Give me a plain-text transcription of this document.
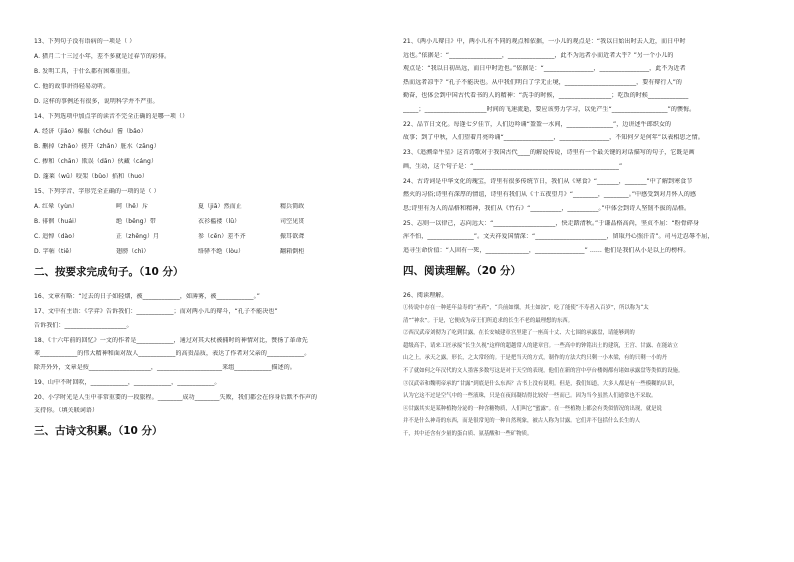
13、下列句子没有语病的一项是（ ）
A. 猎月二十三过小年，差不多就是过春节的彩排。
B. 发明工具，于什么都有困难重重。
C. 他的故事讲得轻易动听。
D. 这样的事例还有很多，说明科学并不严重。
14、下列选项中加点字的读音不完全正确的是哪一项（）
A. 经济（jiǎo）棉服（chóu）酱（bǎo）
B. 删掉（zhǎo）搓开（zhǎn）脏水（zāng）
C. 掺和（chān）欺误（dān）伙藏（cáng）
D. 蓬莱（wū）咬架（bǔo）掐和（huo）
15、下列字音、字形完全正确的一项的是（ ）
A. 红晕（yùn）	呵（hē）斥	夏（jiā）然而止	精兵简政
B. 徘徊（huái）	绝（bēng）带	衣衫褴褛（lǚ）	司空见贯
C. 追悼（dào）	正（zhēng）月	参（cēn）差不齐	振耳欲聋
D. 字帖（tiē）	翅膀（chì）	络驿不绝（lòu）	翻箱倒柜
二、按要求完成句子。（10 分）
16、文章有略：“过去的日子如轻烟，被____________，如薄雾，被____________。”
17、文中有主语：《学弈》告诉我们：____________；而对两小儿的辩斗，“孔子不能决也”
告诉我们：____________________。
18、《十六年前的回忆》一文的作者是____________，通过对其大杖被捕时的神情对比，赞扬了革命先
辈____________的伟大精神和面对敌人____________的高贵品质，表达了作者对父亲的____________。
除开外外，文章是按____________________，_____________________来组____________描述的。
19、山中不时回吹，____________，____________，____________。
20、小学时光是人生中非常重要的一段旅程。________成功________失败，我们都会在你身后默不作声的
支持你。（填关联词语）
三、古诗文积累。（10 分）
21、《两小儿辩日》中，两小儿有不同的观点和依据，一小儿的观点是：“我以日始出时去人近，而日中时
远也。”依据是：“_________________，_______________，此不为远者小而近者大乎？”另一个小儿的
观点是：“我以日初出远，而日中时近也。”依据是：“________________，________________，此不为近者
热而远者凉乎？”孔子不能决也。从中我们明白了学无止境，_______________________，要有辩行人”的
勤奋，也体会到中国古代看书的人的精神：“洗手的时候，_________________；吃饭的时候_____________
_____；____________________时间的飞速流逝，要应该努力学习，以免产生“__________________”的懊悔。
22、品节日文化。每逢七夕佳节，人们边吟诵“盈盈一水间，_______________”，边讲述牛郎织女的
故事；到了中秋，人们望着月亮吟诵“________________，________________，不知何夕是何年”以表相思之情。
23、《追溯牵牛星》这首诗歌对于我国古代____的解说传说，诗里有一个最关键的对话描写的句子，它既是画
画，生动，这个句子是：“_______________________________________________”
24、古诗词是中华文化的瑰宝，诗里有很多传统节日，我们从《寒食》“_______，_______”中了解到寒食节
燃火的习俗;诗里有深厚的情谊，诗里有我们从《十五夜望月》“________，________。”中感受到对月怀人的感
思;诗里有为人的品格和精神，我们从《竹石》“__________，__________。”中体会到诗人坚韧不拔的品格。
25、志则一以律己，志向远大：“____________________，快走踏清秋。”于谦品格高尚，坚贞不屈：“粉骨碎身
浑不怕，_______________”。文天祥爱国情深：“_______________________，留取丹心照汗青”。司马迁忍辱不屈，
追寻生命价值：“人固有一死，______________，________________” …… 他们是我们从小是以上的榜样。
四、阅读理解。（20 分）
26、阅读理解。
①传说中存在一种延年益寿的“圣药”，“兵前如烟，其士如浊”，吃了能使“不寿者入百岁”，所以称为“太
清”“神农”。于是，它便成为帝王们所追求的长生不老的最理想的东西。
②西汉武帝刘彻为了吃到甘露，在长安城建章宫里建了一座高十丈、大七围的承露盘，请能够到的
超级高手，请来工匠承接“长生久视”这样的超越常人的建章宫。一些高中的钟铭出土的建筑，王宫、甘露、在能站立
山之上，承天之露，形长，之太常经的。于是把当天的方式，制作的方法大约只剩一小木梁，有的只剩一小的丹
不了就如何之年汉代的文人墨客多数写这是对于天空的表现，他们在新的宫中亭台楼阁都有诸如承露盘等类似的设施。
③汉武帝和魏明帝承的“甘露”到底是什么东西？古书上没有说明。但是，我们知道，大多人都是有一些模糊的认识，
认为它这不过是空气中的一些液珠，只是在夜间凝结得比较好一些而已。因为当今虽然人们通常也不采取。
④甘露其实是某种植物分泌的一种含糖物质，人们叫它“蜜露”。在一些植物上都会有类似情况的出现，就是说
并不是什么神奇的东西，而是很常见的一种自然现象，被古人称为甘露。它们并不包括什么长生的人
千，其中还含有少量的蛋白质、氨基酸和一些矿物质。
